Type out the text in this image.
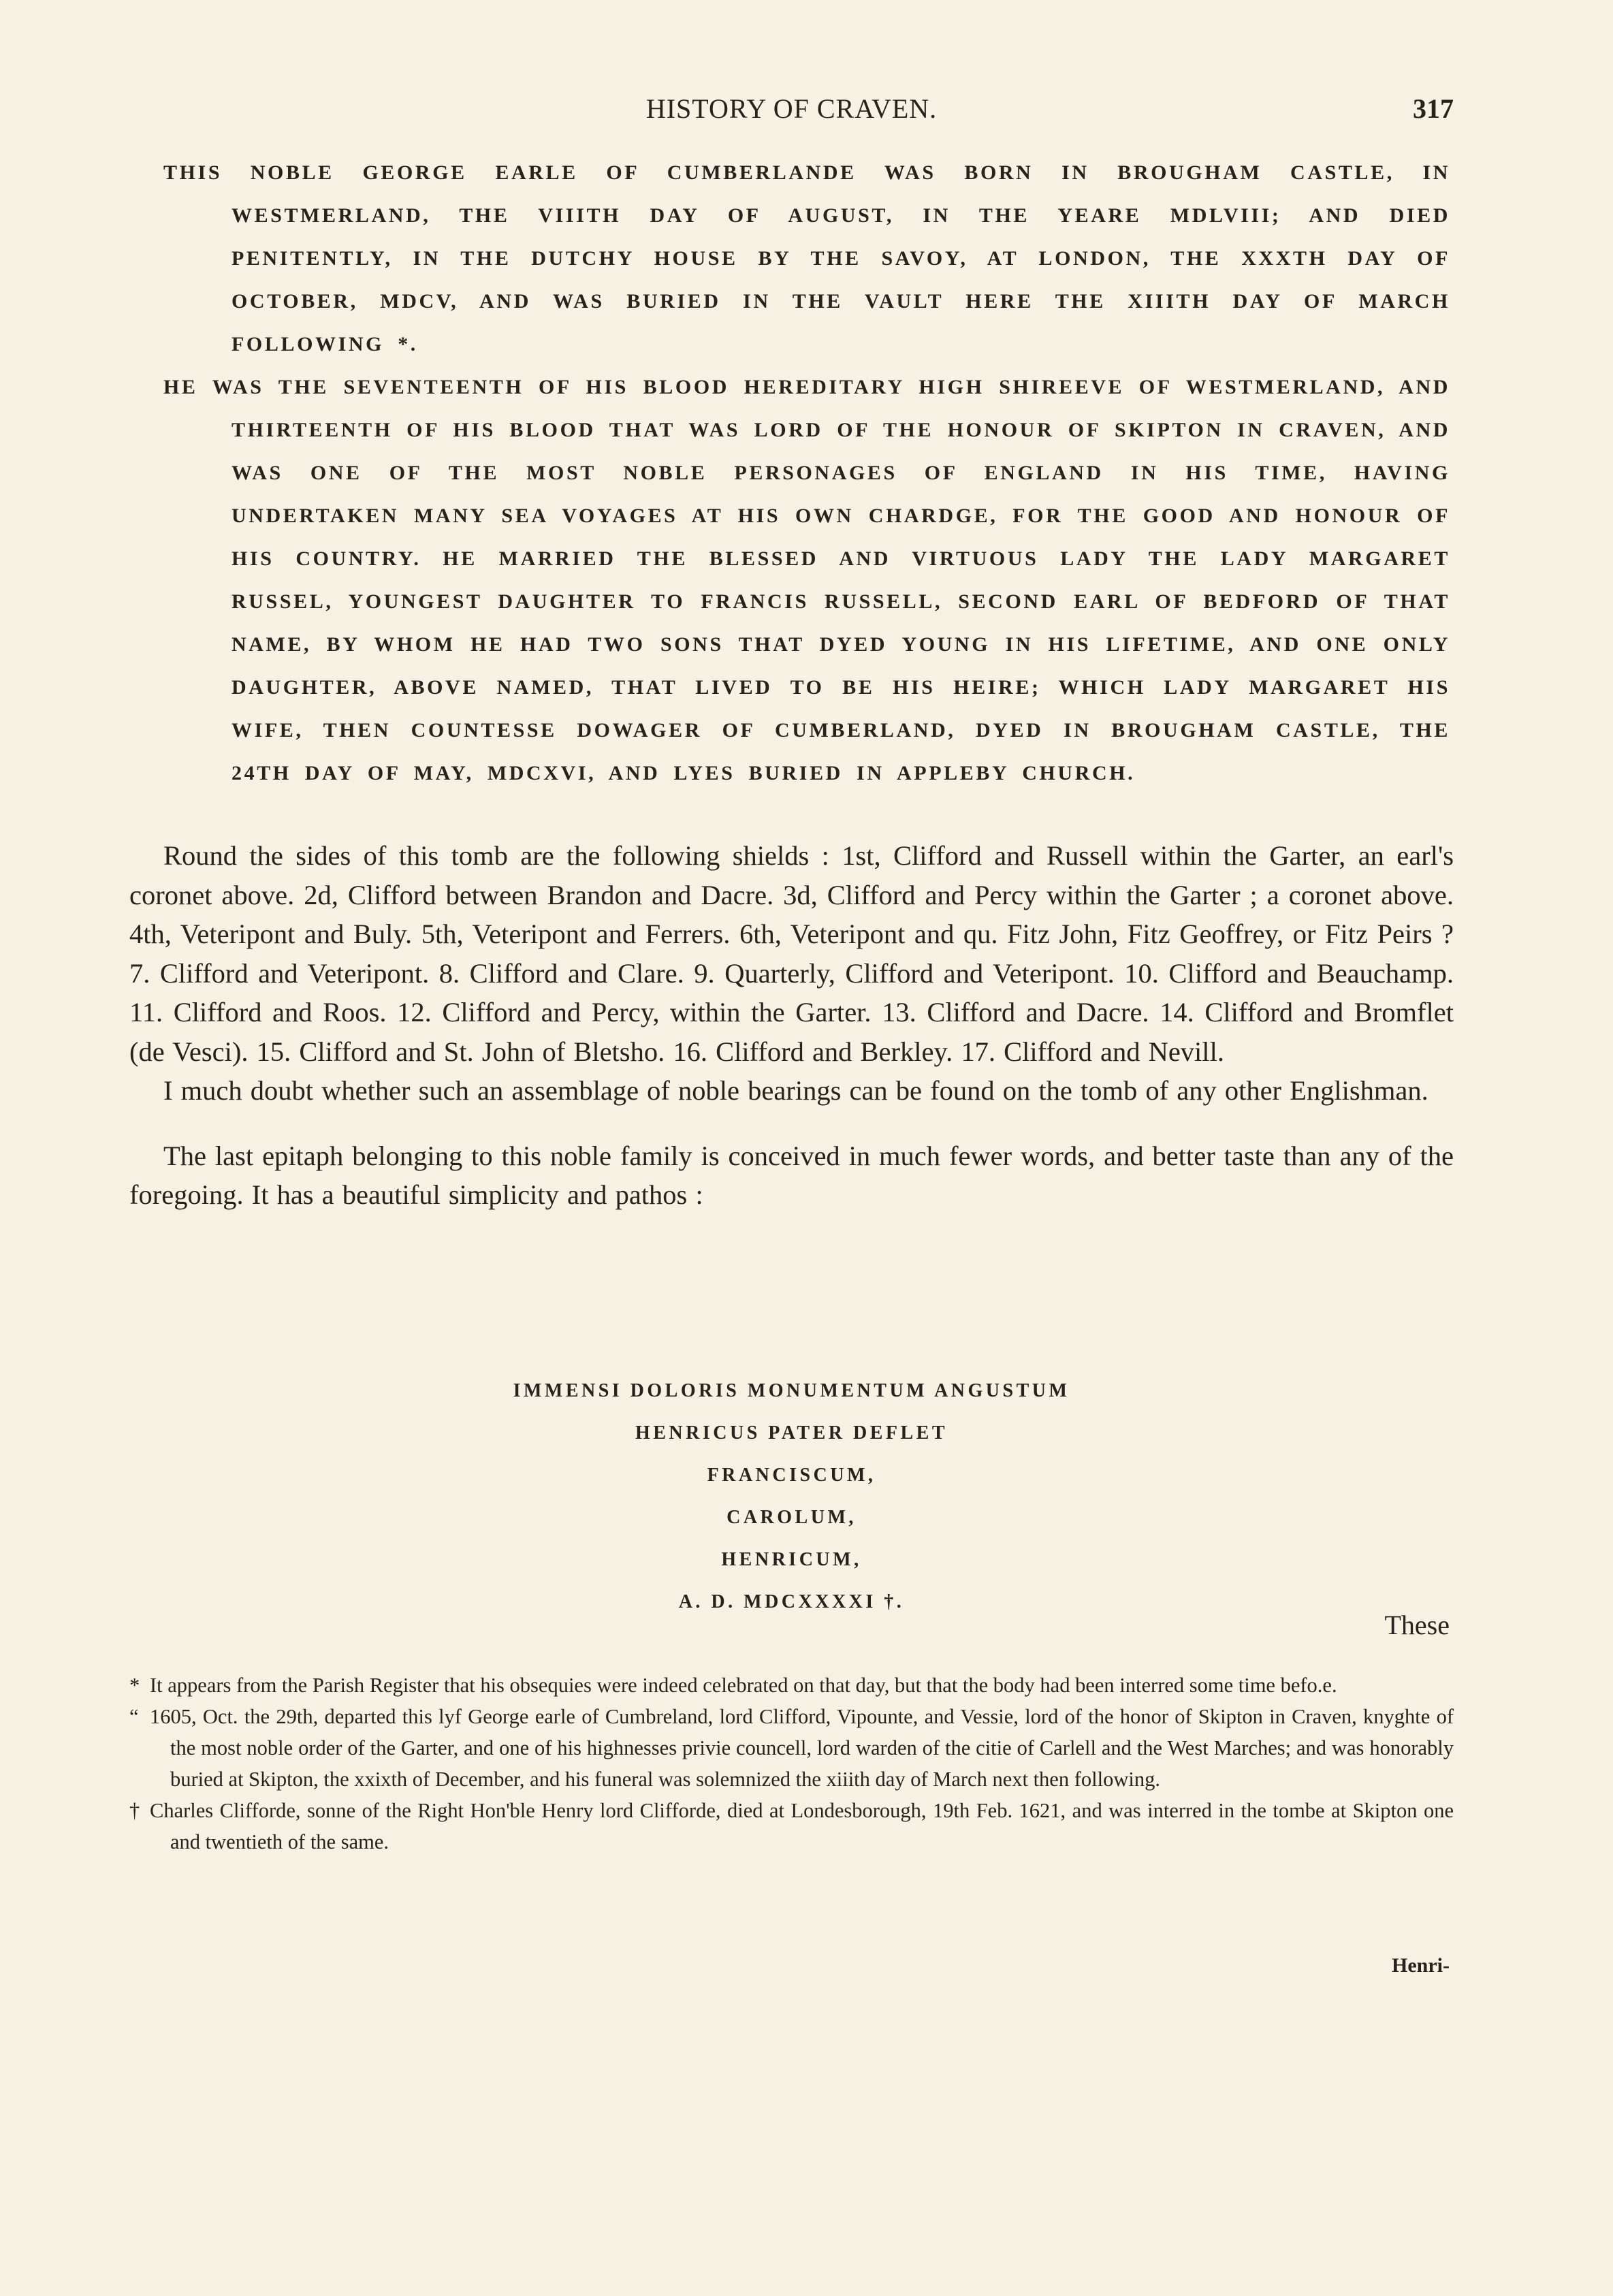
HISTORY OF CRAVEN.	317

THIS NOBLE GEORGE EARLE OF CUMBERLANDE WAS BORN IN BROUGHAM CASTLE, IN WESTMERLAND, THE VIIITH DAY OF AUGUST, IN THE YEARE MDLVIII; AND DIED PENITENTLY, IN THE DUTCHY HOUSE BY THE SAVOY, AT LONDON, THE XXXTH DAY OF OCTOBER, MDCV, AND WAS BURIED IN THE VAULT HERE THE XIIITH DAY OF MARCH FOLLOWING *.

HE WAS THE SEVENTEENTH OF HIS BLOOD HEREDITARY HIGH SHIREEVE OF WESTMERLAND, AND THIRTEENTH OF HIS BLOOD THAT WAS LORD OF THE HONOUR OF SKIPTON IN CRAVEN, AND WAS ONE OF THE MOST NOBLE PERSONAGES OF ENGLAND IN HIS TIME, HAVING UNDERTAKEN MANY SEA VOYAGES AT HIS OWN CHARDGE, FOR THE GOOD AND HONOUR OF HIS COUNTRY. HE MARRIED THE BLESSED AND VIRTUOUS LADY THE LADY MARGARET RUSSEL, YOUNGEST DAUGHTER TO FRANCIS RUSSELL, SECOND EARL OF BEDFORD OF THAT NAME, BY WHOM HE HAD TWO SONS THAT DYED YOUNG IN HIS LIFETIME, AND ONE ONLY DAUGHTER, ABOVE NAMED, THAT LIVED TO BE HIS HEIRE; WHICH LADY MARGARET HIS WIFE, THEN COUNTESSE DOWAGER OF CUMBERLAND, DYED IN BROUGHAM CASTLE, THE 24TH DAY OF MAY, MDCXVI, AND LYES BURIED IN APPLEBY CHURCH.

Round the sides of this tomb are the following shields : 1st, Clifford and Russell within the Garter, an earl's coronet above. 2d, Clifford between Brandon and Dacre. 3d, Clifford and Percy within the Garter ; a coronet above. 4th, Veteripont and Buly. 5th, Veteripont and Ferrers. 6th, Veteripont and qu. Fitz John, Fitz Geoffrey, or Fitz Peirs ? 7. Clifford and Veteripont. 8. Clifford and Clare. 9. Quarterly, Clifford and Veteripont. 10. Clifford and Beauchamp. 11. Clifford and Roos. 12. Clifford and Percy, within the Garter. 13. Clifford and Dacre. 14. Clifford and Bromflet (de Vesci). 15. Clifford and St. John of Bletsho. 16. Clifford and Berkley. 17. Clifford and Nevill.

I much doubt whether such an assemblage of noble bearings can be found on the tomb of any other Englishman.

The last epitaph belonging to this noble family is conceived in much fewer words, and better taste than any of the foregoing. It has a beautiful simplicity and pathos :

IMMENSI DOLORIS MONUMENTUM ANGUSTUM
HENRICUS PATER DEFLET
FRANCISCUM,
CAROLUM,
HENRICUM,
A. D. MDCXXXXI †.
These

* It appears from the Parish Register that his obsequies were indeed celebrated on that day, but that the body had been interred some time befo.e.

“ 1605, Oct. the 29th, departed this lyf George earle of Cumbreland, lord Clifford, Vipounte, and Vessie, lord of the honor of Skipton in Craven, knyghte of the most noble order of the Garter, and one of his highnesses privie councell, lord warden of the citie of Carlell and the West Marches; and was honorably buried at Skipton, the xxixth of December, and his funeral was solemnized the xiiith day of March next then following.

† Charles Cliffordе, sonne of the Right Hon'ble Henry lord Cliffordе, died at Londesborough, 19th Feb. 1621, and was interred in the tombe at Skipton one and twentieth of the same.

Henri-
